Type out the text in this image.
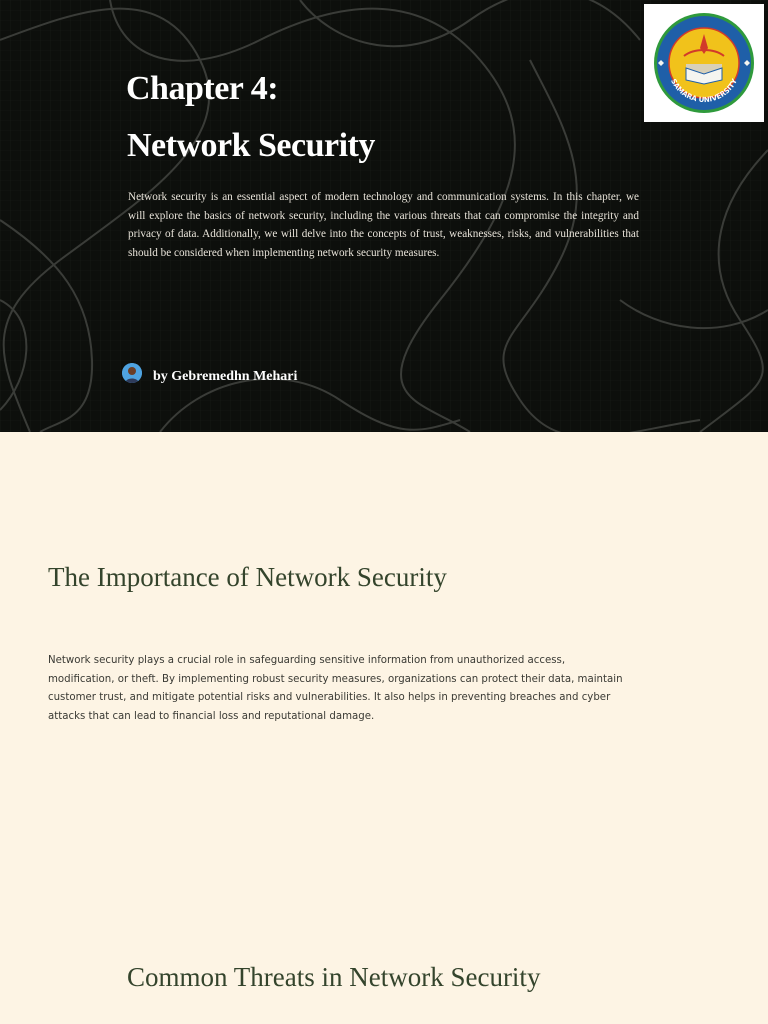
Chapter 4:
Network Security

Network security is an essential aspect of modern technology and communication systems. In this chapter, we will explore the basics of network security, including the various threats that can compromise the integrity and privacy of data. Additionally, we will delve into the concepts of trust, weaknesses, risks, and vulnerabilities that should be considered when implementing network security measures.

by Gebremedhn Mehari
SAMARA UNIVERSITY
The Importance of Network Security

Network security plays a crucial role in safeguarding sensitive information from unauthorized access, modification, or theft. By implementing robust security measures, organizations can protect their data, maintain customer trust, and mitigate potential risks and vulnerabilities. It also helps in preventing breaches and cyber attacks that can lead to financial loss and reputational damage.

Common Threats in Network Security
